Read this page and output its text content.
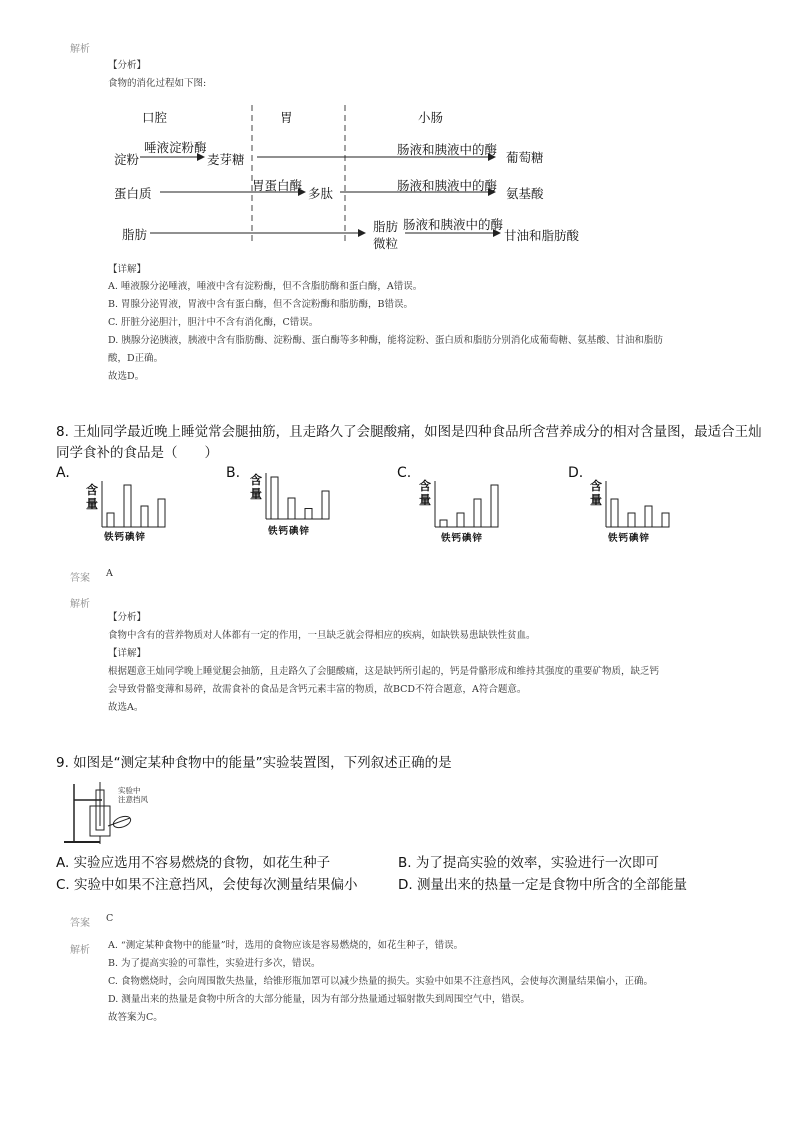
解析
【分析】
食物的消化过程如下图:
口腔	胃	小肠
淀粉
唾液淀粉酶
麦芽糖
肠液和胰液中的酶
葡萄糖
蛋白质
胃蛋白酶
多肽
肠液和胰液中的酶
氨基酸
脂肪
脂肪
微粒
肠液和胰液中的酶
甘油和脂肪酸
【详解】
A. 唾液腺分泌唾液，唾液中含有淀粉酶，但不含脂肪酶和蛋白酶，A错误。
B. 胃腺分泌胃液，胃液中含有蛋白酶，但不含淀粉酶和脂肪酶，B错误。
C. 肝脏分泌胆汁，胆汁中不含有消化酶，C错误。
D. 胰腺分泌胰液，胰液中含有脂肪酶、淀粉酶、蛋白酶等多种酶，能将淀粉、蛋白质和脂肪分别消化成葡萄糖、氨基酸、甘油和脂肪
酸，D正确。
故选D。
8. 王灿同学最近晚上睡觉常会腿抽筋，且走路久了会腿酸痛，如图是四种食品所含营养成分的相对含量图，最适合王灿
同学食补的食品是（　　）
A.
含
量
铁钙碘锌
B. 含
量
铁钙碘锌
C.
含
量
铁钙碘锌
D.
含
量
铁钙碘锌
答案 A
解析
【分析】
食物中含有的营养物质对人体都有一定的作用，一旦缺乏就会得相应的疾病，如缺铁易患缺铁性贫血。
【详解】
根据题意王灿同学晚上睡觉腿会抽筋，且走路久了会腿酸痛，这是缺钙所引起的，钙是骨骼形成和维持其强度的重要矿物质，缺乏钙
会导致骨骼变薄和易碎，故需食补的食品是含钙元素丰富的物质，故BCD不符合题意，A符合题意。
故选A。
9. 如图是“测定某种食物中的能量”实验装置图，下列叙述正确的是
实验中
注意挡风
A. 实验应选用不容易燃烧的食物，如花生种子	B. 为了提高实验的效率，实验进行一次即可
C. 实验中如果不注意挡风，会使每次测量结果偏小	D. 测量出来的热量一定是食物中所含的全部能量
答案 C
解析 A. “测定某种食物中的能量”时，选用的食物应该是容易燃烧的，如花生种子，错误。
B. 为了提高实验的可靠性，实验进行多次，错误。
C. 食物燃烧时，会向周围散失热量，给锥形瓶加罩可以减少热量的损失。实验中如果不注意挡风，会使每次测量结果偏小，正确。
D. 测量出来的热量是食物中所含的大部分能量，因为有部分热量通过辐射散失到周围空气中，错误。
故答案为C。
